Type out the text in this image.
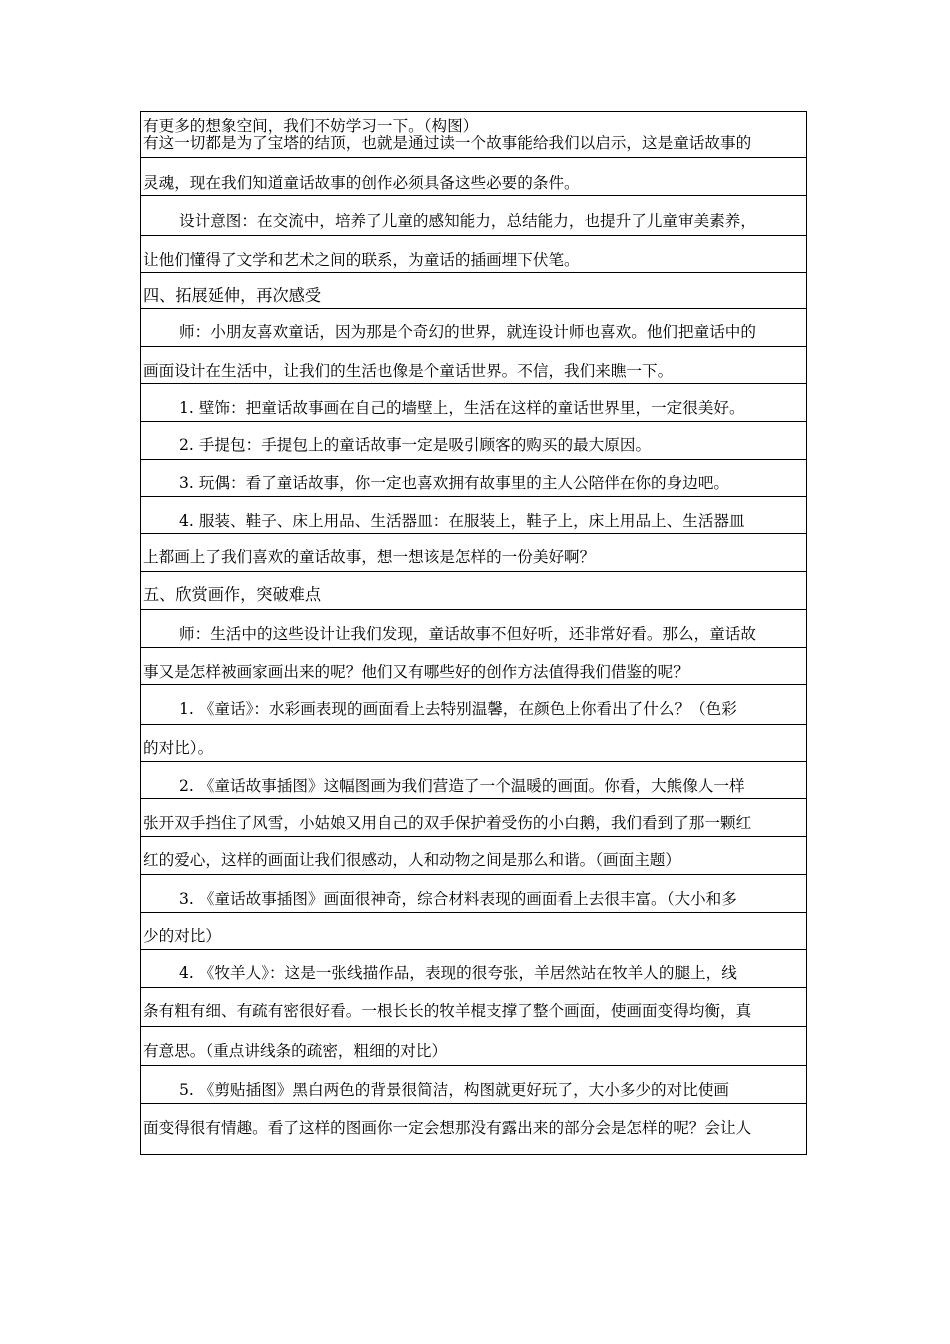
有这一切都是为了宝塔的结顶，也就是通过读一个故事能给我们以启示，这是童话故事的
灵魂，现在我们知道童话故事的创作必须具备这些必要的条件。
设计意图：在交流中，培养了儿童的感知能力，总结能力，也提升了儿童审美素养，
让他们懂得了文学和艺术之间的联系，为童话的插画埋下伏笔。
四、拓展延伸，再次感受
师：小朋友喜欢童话，因为那是个奇幻的世界，就连设计师也喜欢。他们把童话中的
画面设计在生活中，让我们的生活也像是个童话世界。不信，我们来瞧一下。
1. 壁饰：把童话故事画在自己的墙壁上，生活在这样的童话世界里，一定很美好。
2. 手提包：手提包上的童话故事一定是吸引顾客的购买的最大原因。
3. 玩偶：看了童话故事，你一定也喜欢拥有故事里的主人公陪伴在你的身边吧。
4. 服装、鞋子、床上用品、生活器皿：在服装上，鞋子上，床上用品上、生活器皿
上都画上了我们喜欢的童话故事，想一想该是怎样的一份美好啊？
五、欣赏画作，突破难点
师：生活中的这些设计让我们发现，童话故事不但好听，还非常好看。那么，童话故
事又是怎样被画家画出来的呢？他们又有哪些好的创作方法值得我们借鉴的呢？
1. 《童话》：水彩画表现的画面看上去特别温馨，在颜色上你看出了什么？（色彩
的对比）。
2. 《童话故事插图》这幅图画为我们营造了一个温暖的画面。你看，大熊像人一样
张开双手挡住了风雪，小姑娘又用自己的双手保护着受伤的小白鹅，我们看到了那一颗红
红的爱心，这样的画面让我们很感动，人和动物之间是那么和谐。（画面主题）
3. 《童话故事插图》画面很神奇，综合材料表现的画面看上去很丰富。（大小和多
少的对比）
4. 《牧羊人》：这是一张线描作品，表现的很夸张，羊居然站在牧羊人的腿上，线
条有粗有细、有疏有密很好看。一根长长的牧羊棍支撑了整个画面，使画面变得均衡，真
有意思。（重点讲线条的疏密，粗细的对比）
5. 《剪贴插图》黑白两色的背景很简洁，构图就更好玩了，大小多少的对比使画
面变得很有情趣。看了这样的图画你一定会想那没有露出来的部分会是怎样的呢？会让人
有更多的想象空间，我们不妨学习一下。（构图）
